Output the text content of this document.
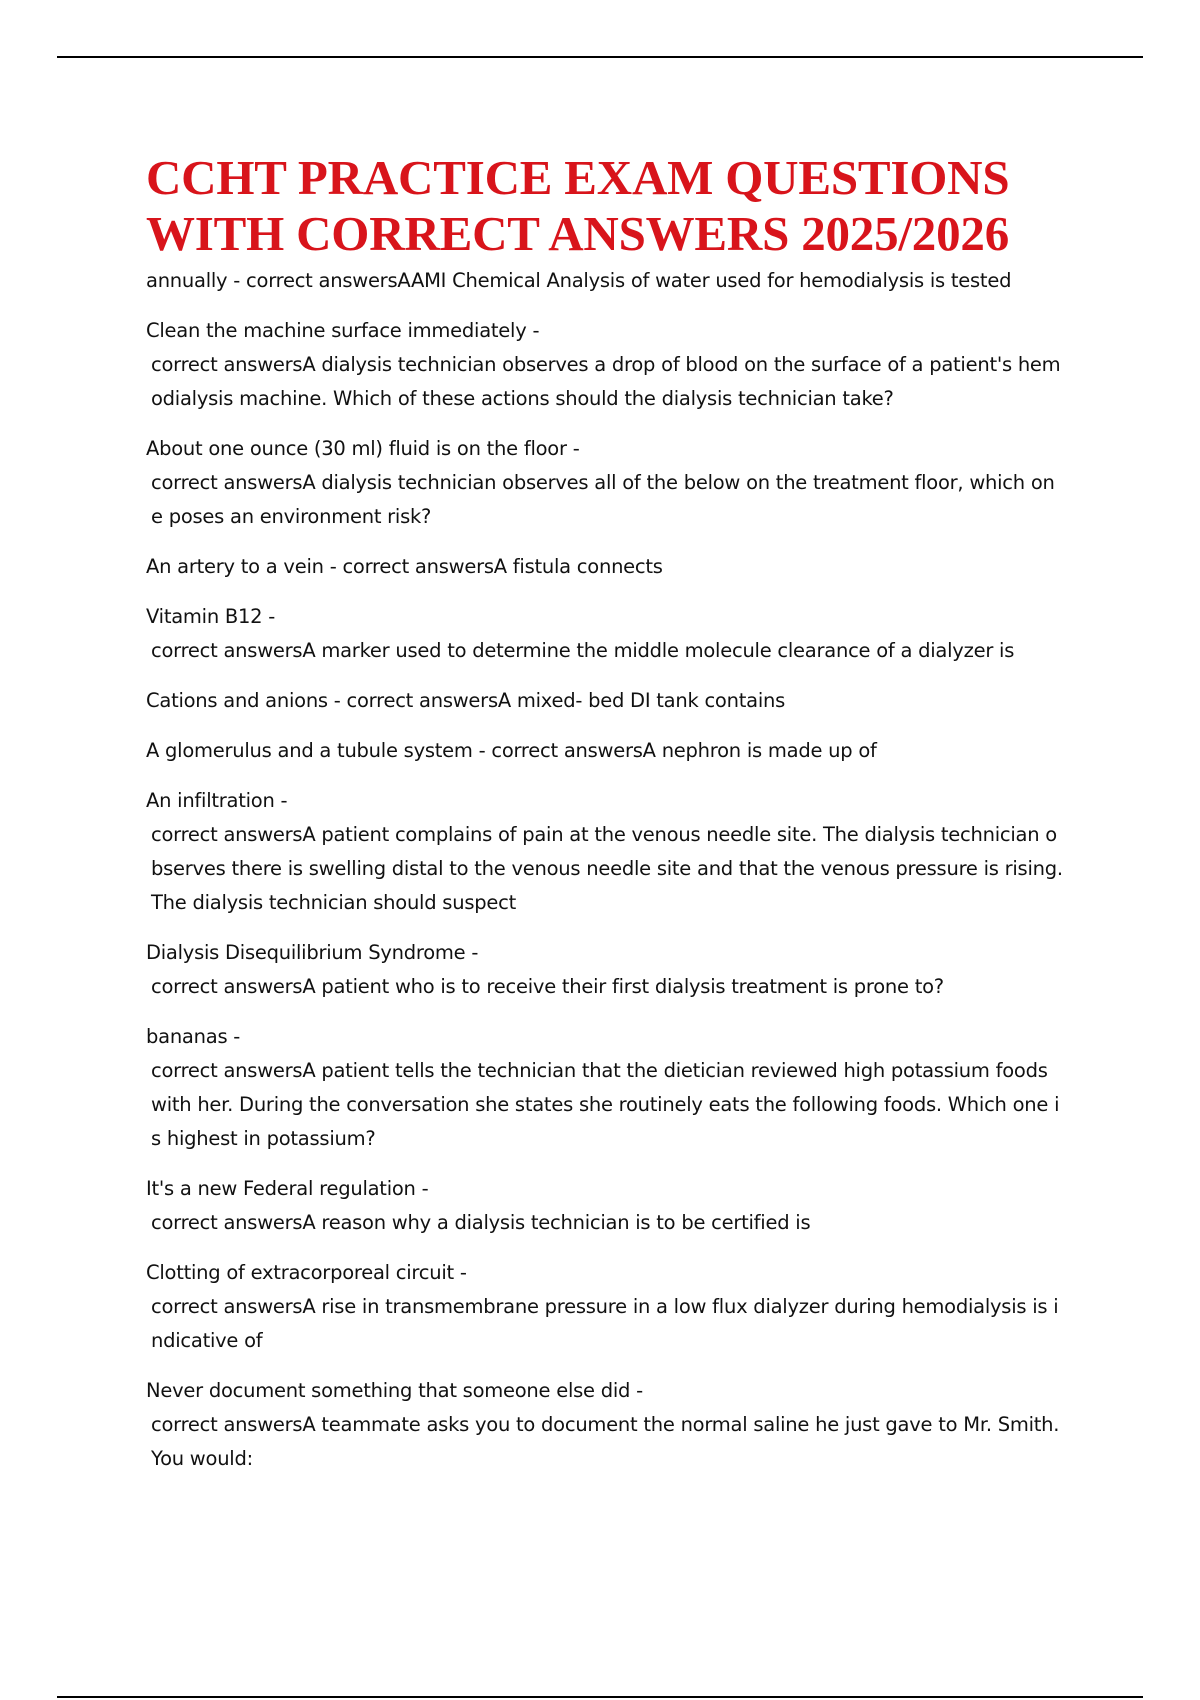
CCHT PRACTICE EXAM QUESTIONS
WITH CORRECT ANSWERS 2025/2026
annually - correct answersAAMI Chemical Analysis of water used for hemodialysis is tested
Clean the machine surface immediately -
correct answersA dialysis technician observes a drop of blood on the surface of a patient's hemodialysis machine. Which of these actions should the dialysis technician take?
About one ounce (30 ml) fluid is on the floor -
correct answersA dialysis technician observes all of the below on the treatment floor, which one poses an environment risk?
An artery to a vein - correct answersA fistula connects
Vitamin B12 -
correct answersA marker used to determine the middle molecule clearance of a dialyzer is
Cations and anions - correct answersA mixed- bed DI tank contains
A glomerulus and a tubule system - correct answersA nephron is made up of
An infiltration -
correct answersA patient complains of pain at the venous needle site. The dialysis technician observes there is swelling distal to the venous needle site and that the venous pressure is rising. The dialysis technician should suspect
Dialysis Disequilibrium Syndrome -
correct answersA patient who is to receive their first dialysis treatment is prone to?
bananas -
correct answersA patient tells the technician that the dietician reviewed high potassium foods with her. During the conversation she states she routinely eats the following foods. Which one is highest in potassium?
It's a new Federal regulation -
correct answersA reason why a dialysis technician is to be certified is
Clotting of extracorporeal circuit -
correct answersA rise in transmembrane pressure in a low flux dialyzer during hemodialysis is indicative of
Never document something that someone else did -
correct answersA teammate asks you to document the normal saline he just gave to Mr. Smith. You would:
